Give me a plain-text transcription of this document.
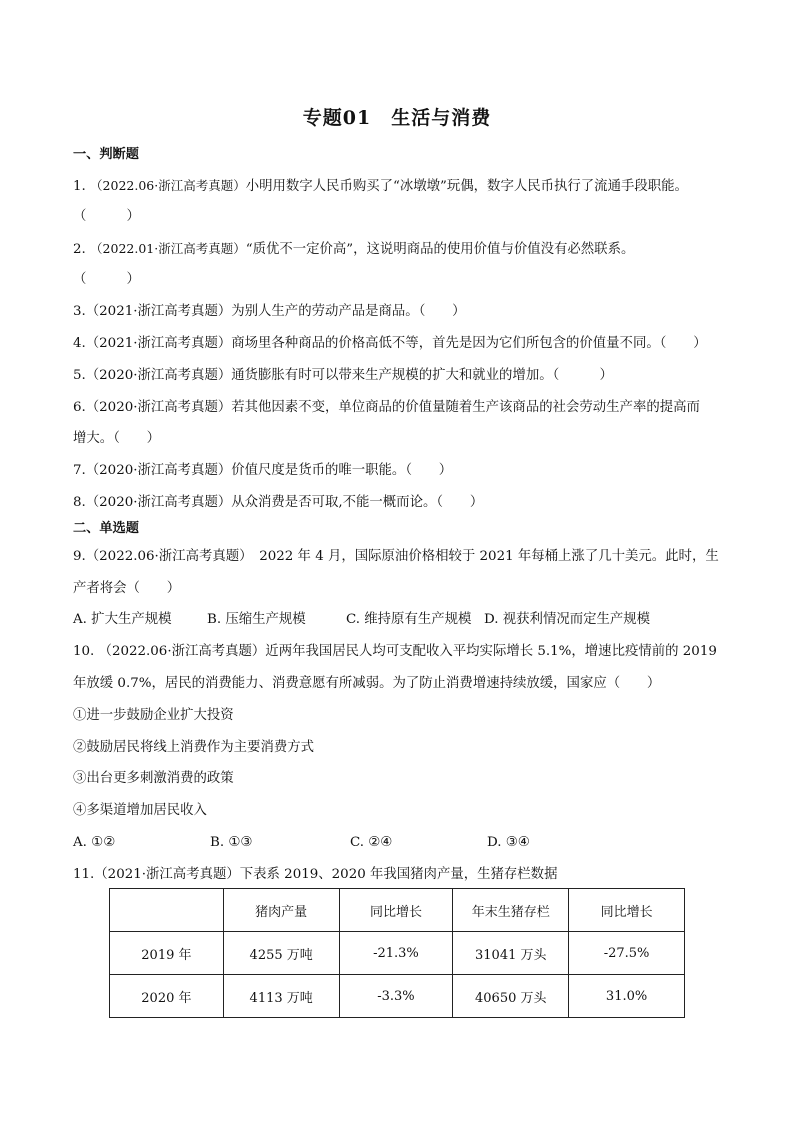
专题01　生活与消费
一、判断题
1. （2022.06·浙江高考真题）小明用数字人民币购买了“冰墩墩”玩偶，数字人民币执行了流通手段职能。
（　　　）
2. （2022.01·浙江高考真题）“质优不一定价高”，这说明商品的使用价值与价值没有必然联系。
（　　　）
3.（2021·浙江高考真题）为别人生产的劳动产品是商品。（　　）
4.（2021·浙江高考真题）商场里各种商品的价格高低不等，首先是因为它们所包含的价值量不同。（　　）
5.（2020·浙江高考真题）通货膨胀有时可以带来生产规模的扩大和就业的增加。（　　　）
6.（2020·浙江高考真题）若其他因素不变，单位商品的价值量随着生产该商品的社会劳动生产率的提高而
增大。（　　）
7.（2020·浙江高考真题）价值尺度是货币的唯一职能。（　　）
8.（2020·浙江高考真题）从众消费是否可取,不能一概而论。（　　）
二、单选题
9.（2022.06·浙江高考真题）　2022 年 4 月，国际原油价格相较于 2021 年每桶上涨了几十美元。此时，生
产者将会（　　）
A. 扩大生产规模	B. 压缩生产规模	C. 维持原有生产规模 D. 视获利情况而定生产规模
10. （2022.06·浙江高考真题）近两年我国居民人均可支配收入平均实际增长 5.1%，增速比疫情前的 2019
年放缓 0.7%，居民的消费能力、消费意愿有所减弱。为了防止消费增速持续放缓，国家应（　　）
①进一步鼓励企业扩大投资
②鼓励居民将线上消费作为主要消费方式
③出台更多刺激消费的政策
④多渠道增加居民收入
A. ①②	B. ①③	C. ②④	D. ③④
11.（2021·浙江高考真题）下表系 2019、2020 年我国猪肉产量，生猪存栏数据
	猪肉产量	同比增长	年末生猪存栏	同比增长
2019 年	4255 万吨	-21.3%	31041 万头	-27.5%
2020 年	4113 万吨	-3.3%	40650 万头	31.0%
